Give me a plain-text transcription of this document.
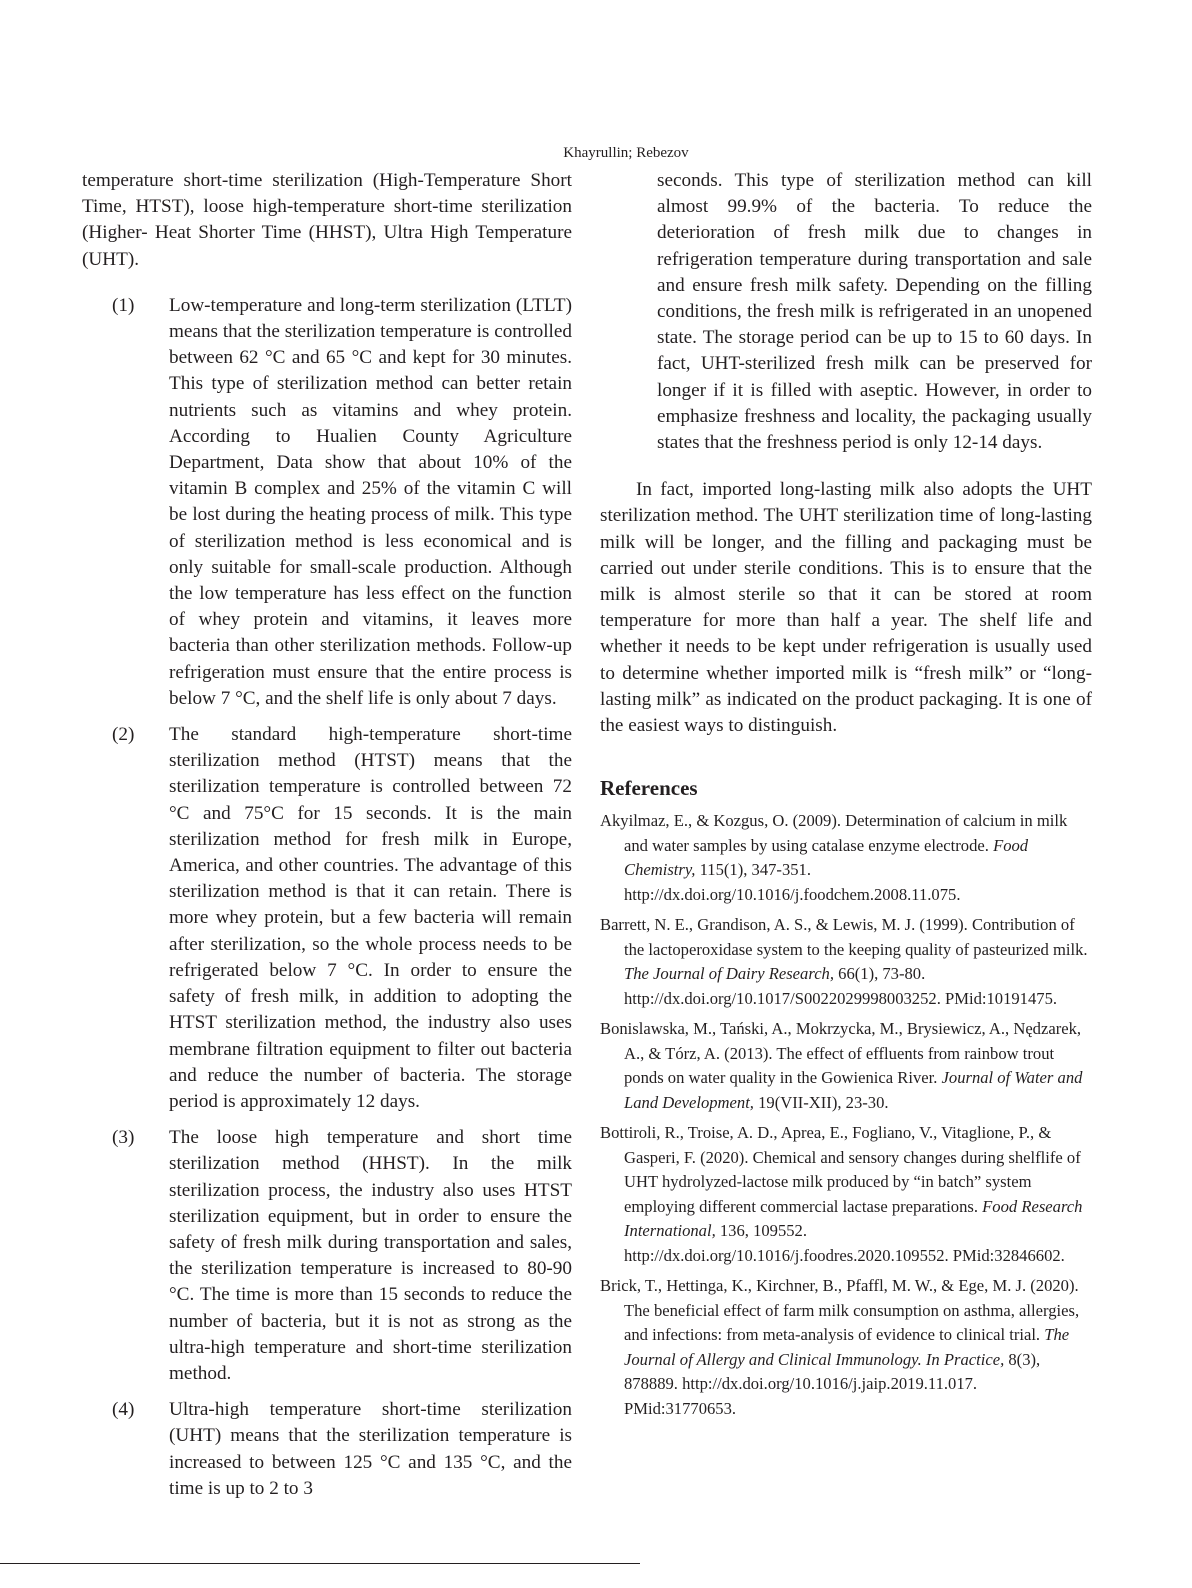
Khayrullin; Rebezov

temperature short-time sterilization (High-Temperature Short Time, HTST), loose high-temperature short-time sterilization (Higher- Heat Shorter Time (HHST), Ultra High Temperature (UHT).

(1)	Low-temperature and long-term sterilization (LTLT) means that the sterilization temperature is controlled between 62 °C and 65 °C and kept for 30 minutes. This type of sterilization method can better retain nutrients such as vitamins and whey protein. According to Hualien County Agriculture Department, Data show that about 10% of the vitamin B complex and 25% of the vitamin C will be lost during the heating process of milk. This type of sterilization method is less economical and is only suitable for small-scale production. Although the low temperature has less effect on the function of whey protein and vitamins, it leaves more bacteria than other sterilization methods. Follow-up refrigeration must ensure that the entire process is below 7 °C, and the shelf life is only about 7 days.
(2)	The standard high-temperature short-time sterilization method (HTST) means that the sterilization temperature is controlled between 72 °C and 75°C for 15 seconds. It is the main sterilization method for fresh milk in Europe, America, and other countries. The advantage of this sterilization method is that it can retain. There is more whey protein, but a few bacteria will remain after sterilization, so the whole process needs to be refrigerated below 7 °C. In order to ensure the safety of fresh milk, in addition to adopting the HTST sterilization method, the industry also uses membrane filtration equipment to filter out bacteria and reduce the number of bacteria. The storage period is approximately 12 days.
(3)	The loose high temperature and short time sterilization method (HHST). In the milk sterilization process, the industry also uses HTST sterilization equipment, but in order to ensure the safety of fresh milk during transportation and sales, the sterilization temperature is increased to 80-90 °C. The time is more than 15 seconds to reduce the number of bacteria, but it is not as strong as the ultra-high temperature and short-time sterilization method.
(4)	Ultra-high temperature short-time sterilization (UHT) means that the sterilization temperature is increased to between 125 °C and 135 °C, and the time is up to 2 to 3

seconds. This type of sterilization method can kill almost 99.9% of the bacteria. To reduce the deterioration of fresh milk due to changes in refrigeration temperature during transportation and sale and ensure fresh milk safety. Depending on the filling conditions, the fresh milk is refrigerated in an unopened state. The storage period can be up to 15 to 60 days. In fact, UHT-sterilized fresh milk can be preserved for longer if it is filled with aseptic. However, in order to emphasize freshness and locality, the packaging usually states that the freshness period is only 12-14 days.

In fact, imported long-lasting milk also adopts the UHT sterilization method. The UHT sterilization time of long-lasting milk will be longer, and the filling and packaging must be carried out under sterile conditions. This is to ensure that the milk is almost sterile so that it can be stored at room temperature for more than half a year. The shelf life and whether it needs to be kept under refrigeration is usually used to determine whether imported milk is “fresh milk” or “long-lasting milk” as indicated on the product packaging. It is one of the easiest ways to distinguish.

References
Akyilmaz, E., & Kozgus, O. (2009). Determination of calcium in milk and water samples by using catalase enzyme electrode. Food Chemistry, 115(1), 347-351. http://dx.doi.org/10.1016/j.foodchem.2008.11.075.
Barrett, N. E., Grandison, A. S., & Lewis, M. J. (1999). Contribution of the lactoperoxidase system to the keeping quality of pasteurized milk. The Journal of Dairy Research, 66(1), 73-80. http://dx.doi.org/10.1017/S0022029998003252. PMid:10191475.
Bonislawska, M., Tański, A., Mokrzycka, M., Brysiewicz, A., Nędzarek, A., & Tórz, A. (2013). The effect of effluents from rainbow trout ponds on water quality in the Gowienica River. Journal of Water and Land Development, 19(VII-XII), 23-30.
Bottiroli, R., Troise, A. D., Aprea, E., Fogliano, V., Vitaglione, P., & Gasperi, F. (2020). Chemical and sensory changes during shelflife of UHT hydrolyzed-lactose milk produced by “in batch” system employing different commercial lactase preparations. Food Research International, 136, 109552. http://dx.doi.org/10.1016/j.foodres.2020.109552. PMid:32846602.
Brick, T., Hettinga, K., Kirchner, B., Pfaffl, M. W., & Ege, M. J. (2020). The beneficial effect of farm milk consumption on asthma, allergies, and infections: from meta-analysis of evidence to clinical trial. The Journal of Allergy and Clinical Immunology. In Practice, 8(3), 878889. http://dx.doi.org/10.1016/j.jaip.2019.11.017. PMid:31770653.
